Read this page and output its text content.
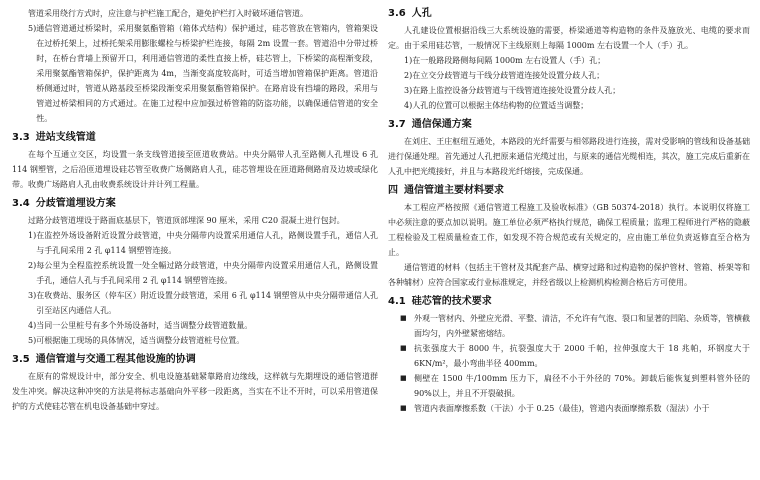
管道采用绕行方式时，应注意与护栏施工配合，避免护栏打入时破坏通信管道。

5) 通信管道通过桥梁时，采用聚氨酯管箱（箱体式结构）保护通过，硅芯管放在管箱内，管箱架设在过桥托架上，过桥托架采用膨胀螺栓与桥梁护栏连接，每隔 2m 设置一套。管道沿中分带过桥时，在桥台背墙上预留开口，利用通信管道的柔性直接上桥，硅芯管上，下桥梁的高程渐变段，采用聚氨酯管箱保护，保护距离为 4m，当渐变高度较高时，可适当增加管箱保护距离。管道沿桥侧通过时，管道从路基段至桥梁段渐变采用聚氨酯管箱保护。在路肩设有挡墙的路段，采用与管道过桥梁相同的方式通过。在施工过程中应加强过桥管箱的防盗功能，以确保通信管道的安全性。
3.3 进站支线管道

在每个互通立交区，均设置一条支线管道接至匝道收费站。中央分隔带人孔至路侧人孔埋设 6 孔 114 钢塑管，之后沿匝道埋设硅芯管至收费广场侧路肩人孔，硅芯管埋设在匝道路侧路肩及边坡或绿化带。收费广场路肩人孔由收费系统设计并计列工程量。

3.4 分歧管道埋设方案

过路分歧管道埋设于路面底基层下，管道顶部埋深 90 厘米，采用 C20 混凝土进行包封。

1) 在监控外场设备附近设置分歧管道，中央分隔带内设置采用通信人孔，路侧设置手孔，通信人孔与手孔间采用 2 孔 φ114 钢塑管连接。
2) 每公里为全程监控系统设置一处全幅过路分歧管道，中央分隔带内设置采用通信人孔，路侧设置手孔，通信人孔与手孔间采用 2 孔 φ114 钢塑管连接。
3) 在收费站、服务区（停车区）附近设置分歧管道，采用 6 孔 φ114 钢塑管从中央分隔带通信人孔引至站区内通信人孔。
4) 当同一公里桩号有多个外场设备时，适当调整分歧管道数量。
5) 可根据施工现场的具体情况，适当调整分歧管道桩号位置。
3.5 通信管道与交通工程其他设施的协调

在原有的常规设计中，部分安全、机电设施基础紧靠路肩边缘线，这样就与先期埋设的通信管道群发生冲突。解决这种冲突的方法是将标志基础向外平移一段距离，当实在不让不开时，可以采用管道保护的方式使硅芯管在机电设备基础中穿过。

3.6 人孔

人孔建设位置根据沿线三大系统设施的需要，桥梁通道等构造物的条件及施放光、电缆的要求而定。由于采用硅芯管，一般情况下主线原则上每隔 1000m 左右设置一个人（手）孔。

1) 在一般路段路侧每间隔 1000m 左右设置人（手）孔；
2) 在立交分歧管道与干线分歧管道连接处设置分歧人孔；
3) 在路上监控设备分歧管道与干线管道连接处设置分歧人孔；
4) 人孔的位置可以根据主体结构物的位置适当调整；
3.7 通信保通方案

在刘庄、王庄枢纽互通处，本路段的光纤需要与相邻路段进行连接，需对受影响的管线和设备基础进行保通处理。首先通过人孔把原来通信光缆过出，与原来的通信光缆相连，其次，施工完成后重新在人孔中把光缆接好，并且与本路段光纤熔接，完成保通。

四 通信管道主要材料要求

本工程应严格按照《通信管道工程施工及验收标准》（GB 50374-2018）执行。本说明仅将施工中必须注意的要点加以说明。施工单位必须严格执行规范，确保工程质量；监理工程师进行严格的隐蔽工程检验及工程质量检查工作，如发现不符合规范或有关规定的，应由施工单位负责返修直至合格为止。

通信管道的材料（包括主干管材及其配套产品、横穿过路和过构造物的保护管材、管箱、桥架等和各种辅材）应符合国家或行业标准规定，并经省级以上检测机构检测合格后方可使用。

4.1 硅芯管的技术要求
■ 外观一管材内、外壁应光滑、平整、清洁，不允许有气泡、裂口和显著的凹陷、杂质等，管横截面均匀，内外壁紧密熔结。
■ 抗张强度大于 8000 牛，抗裂强度大于 2000 千帕，拉伸强度大于 18 兆帕，环钢度大于 6KN/m²，最小弯曲半径 400mm。
■ 侧壁在 1500 牛/100mm 压力下，扁径不小于外径的 70%。卸载后能恢复到塑料管外径的 90%以上，并且不开裂破损。
■ 管道内表面摩擦系数（干法）小于 0.25（最佳)，管道内表面摩擦系数（湿法）小于
